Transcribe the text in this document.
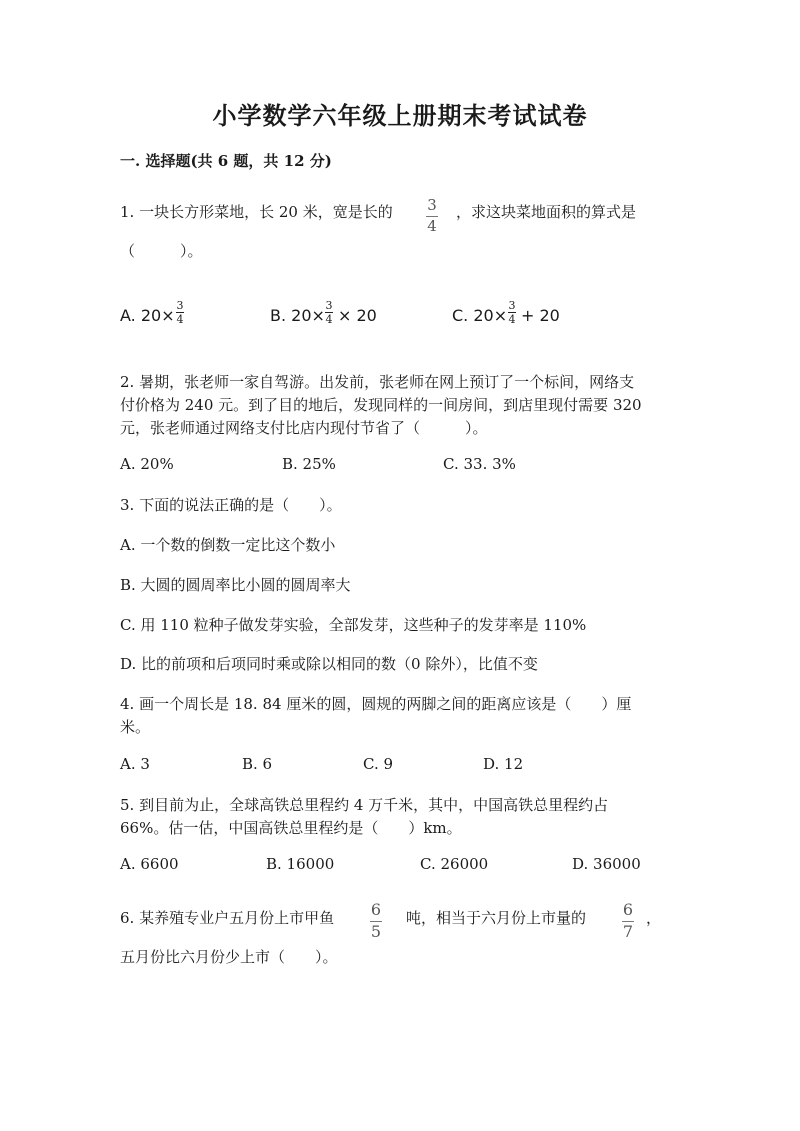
小学数学六年级上册期末考试试卷
一. 选择题(共 6 题，共 12 分)
1. 一块长方形菜地，长 20 米，宽是长的 3
4
，求这块菜地面积的算式是
（　　　）。
A. 20×
3
4	B. 20×
3
4 × 20	C. 20×
3
4 + 20
2. 暑期，张老师一家自驾游。出发前，张老师在网上预订了一个标间，网络支
付价格为 240 元。到了目的地后，发现同样的一间房间，到店里现付需要 320
元，张老师通过网络支付比店内现付节省了（　　　）。
A. 20%	B. 25%	C. 33. 3%
3. 下面的说法正确的是（　　）。
A. 一个数的倒数一定比这个数小
B. 大圆的圆周率比小圆的圆周率大
C. 用 110 粒种子做发芽实验，全部发芽，这些种子的发芽率是 110%
D. 比的前项和后项同时乘或除以相同的数（0 除外），比值不变
4. 画一个周长是 18. 84 厘米的圆，圆规的两脚之间的距离应该是（　　）厘
米。
A. 3	B. 6	C. 9	D. 12
5. 到目前为止，全球高铁总里程约 4 万千米，其中，中国高铁总里程约占
66%。估一估，中国高铁总里程约是（　　）km。
A. 6600	B. 16000	C. 26000	D. 36000
6. 某养殖专业户五月份上市甲鱼 6
5
吨，相当于六月份上市量的 6
7
，
五月份比六月份少上市（　　）。
